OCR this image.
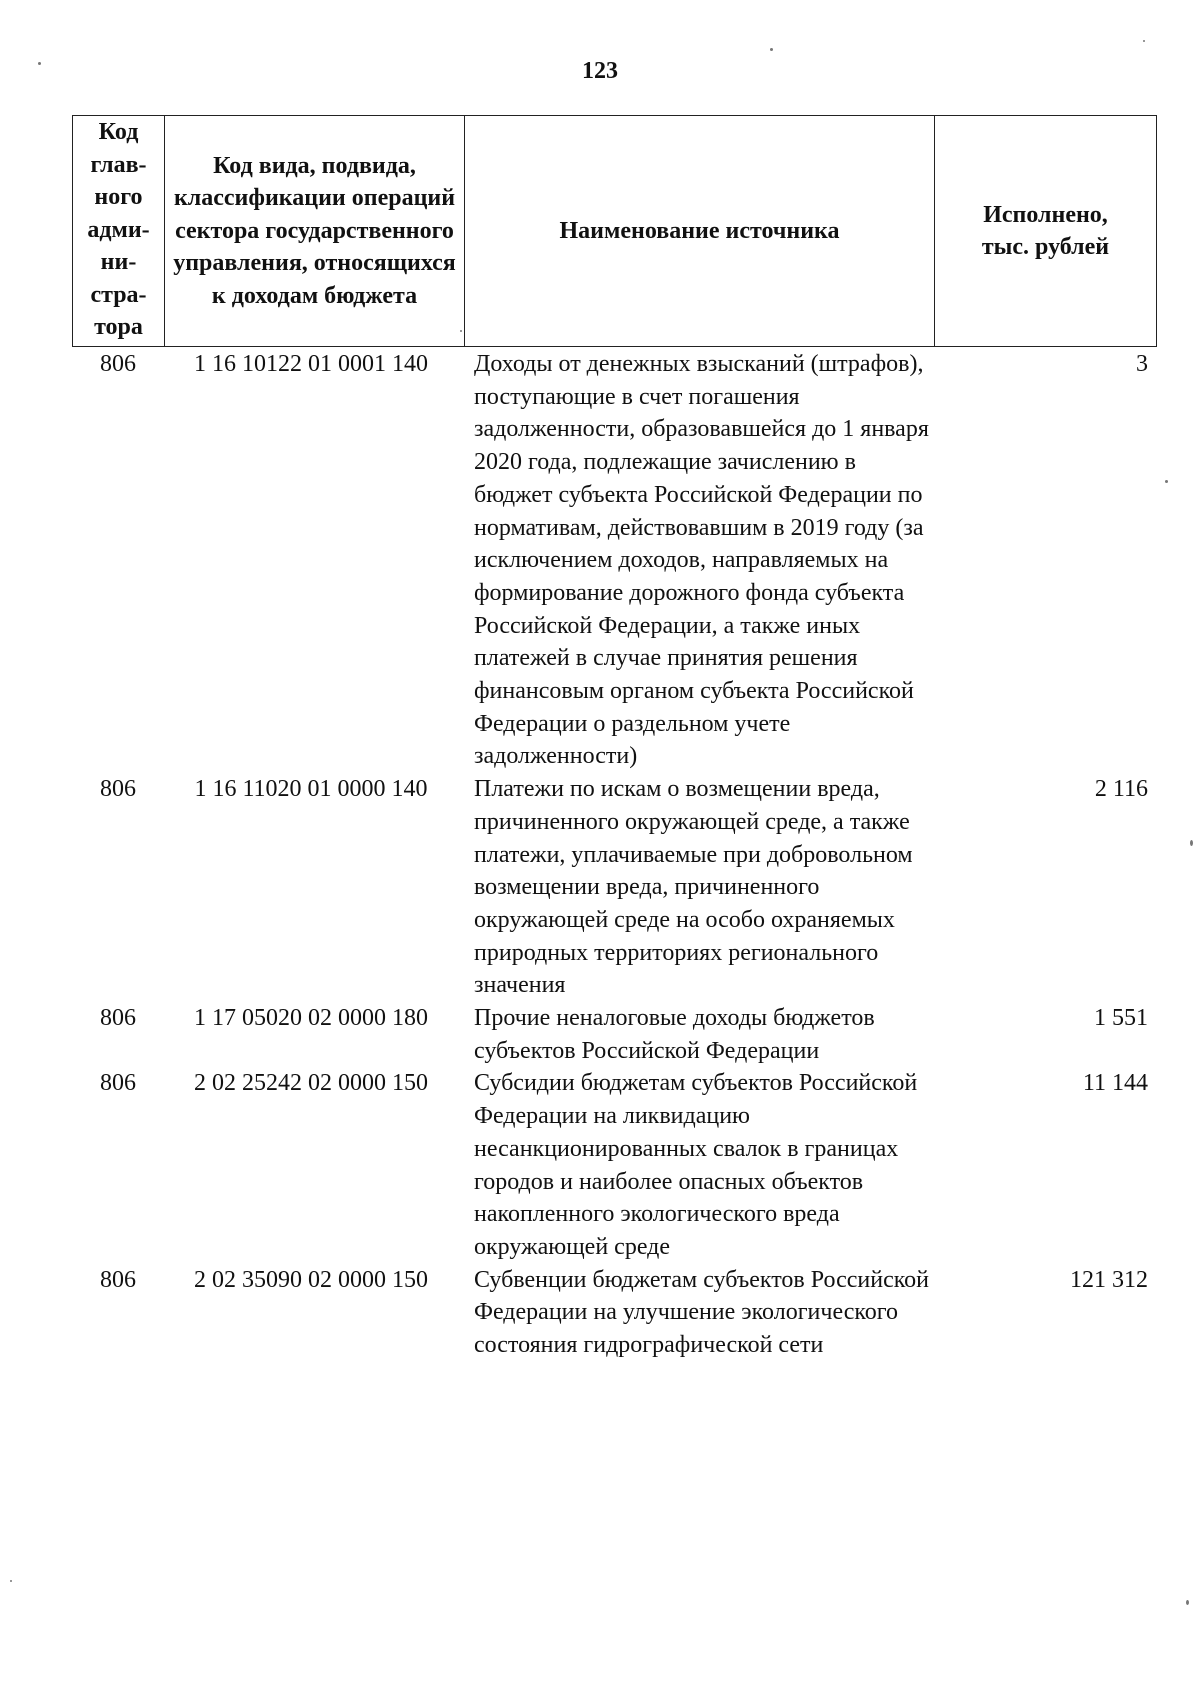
123
Код глав-ного адми-ни-стра-тора	Код вида, подвида, классификации операций сектора государственного управления, относящихся к доходам бюджета	Наименование источника	Исполнено, тыс. рублей
806	1 16 10122 01 0001 140	Доходы от денежных взысканий (штрафов), поступающие в счет погашения задолженности, образовавшейся до 1 января 2020 года, подлежащие зачислению в бюджет субъекта Российской Федерации по нормативам, действовавшим в 2019 году (за исключением доходов, направляемых на формирование дорожного фонда субъекта Российской Федерации, а также иных платежей в случае принятия решения финансовым органом субъекта Российской Федерации о раздельном учете задолженности)	3
806	1 16 11020 01 0000 140	Платежи по искам о возмещении вреда, причиненного окружающей среде, а также платежи, уплачиваемые при добровольном возмещении вреда, причиненного окружающей среде на особо охраняемых природных территориях регионального значения	2 116
806	1 17 05020 02 0000 180	Прочие неналоговые доходы бюджетов субъектов Российской Федерации	1 551
806	2 02 25242 02 0000 150	Субсидии бюджетам субъектов Российской Федерации на ликвидацию несанкционированных свалок в границах городов и наиболее опасных объектов накопленного экологического вреда окружающей среде	11 144
806	2 02 35090 02 0000 150	Субвенции бюджетам субъектов Российской Федерации на улучшение экологического состояния гидрографической сети	121 312
